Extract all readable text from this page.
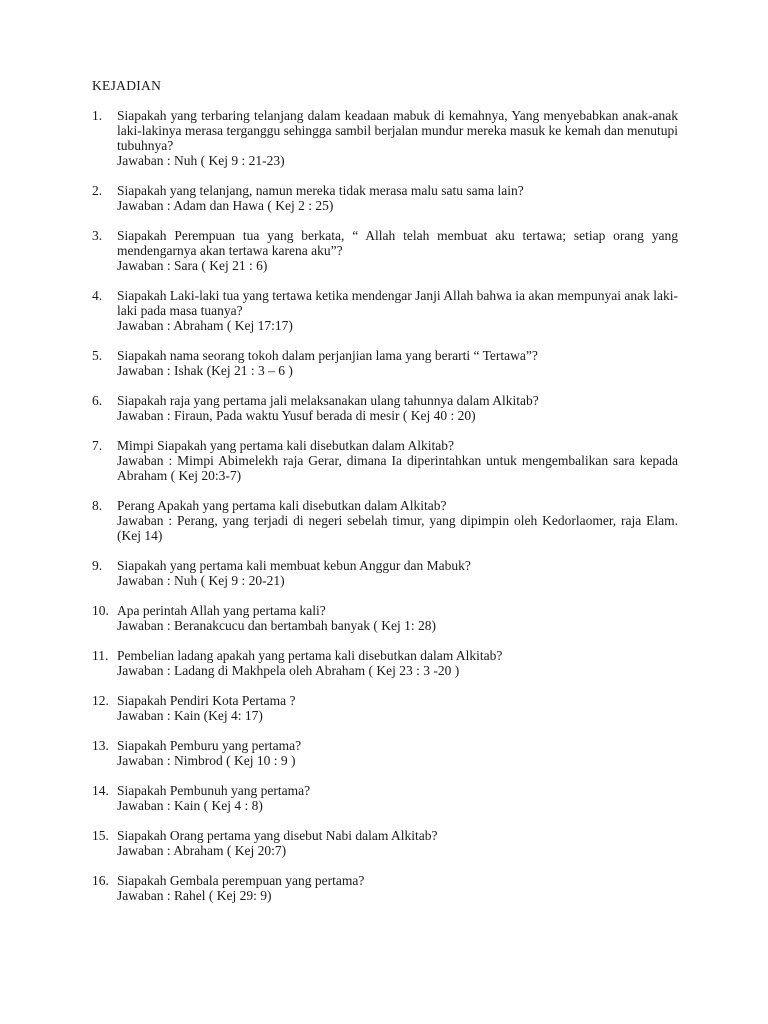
KEJADIAN
1. Siapakah yang terbaring telanjang dalam keadaan mabuk di kemahnya, Yang menyebabkan anak-anak laki-lakinya merasa terganggu sehingga sambil berjalan mundur mereka masuk ke kemah dan menutupi tubuhnya?
Jawaban : Nuh ( Kej 9 : 21-23)
2. Siapakah yang telanjang, namun mereka tidak merasa malu satu sama lain?
Jawaban : Adam dan Hawa ( Kej 2 : 25)
3. Siapakah Perempuan tua yang berkata, “ Allah telah membuat aku tertawa; setiap orang yang mendengarnya akan tertawa karena aku”?
Jawaban : Sara ( Kej 21 : 6)
4. Siapakah Laki-laki tua yang tertawa ketika mendengar Janji Allah bahwa ia akan mempunyai anak laki-laki pada masa tuanya?
Jawaban : Abraham ( Kej 17:17)
5. Siapakah nama seorang tokoh dalam perjanjian lama yang berarti “ Tertawa”?
Jawaban : Ishak (Kej 21 : 3 – 6 )
6. Siapakah raja yang pertama jali melaksanakan ulang tahunnya dalam Alkitab?
Jawaban : Firaun, Pada waktu Yusuf berada di mesir ( Kej 40 : 20)
7. Mimpi Siapakah yang pertama kali disebutkan dalam Alkitab?
Jawaban : Mimpi Abimelekh raja Gerar, dimana Ia diperintahkan untuk mengembalikan sara kepada Abraham ( Kej 20:3-7)
8. Perang Apakah yang pertama kali disebutkan dalam Alkitab?
Jawaban : Perang, yang terjadi di negeri sebelah timur, yang dipimpin oleh Kedorlaomer, raja Elam. (Kej 14)
9. Siapakah yang pertama kali membuat kebun Anggur dan Mabuk?
Jawaban : Nuh ( Kej 9 : 20-21)
10. Apa perintah Allah yang pertama kali?
Jawaban : Beranakcucu dan bertambah banyak ( Kej 1: 28)
11. Pembelian ladang apakah yang pertama kali disebutkan dalam Alkitab?
Jawaban : Ladang di Makhpela oleh Abraham ( Kej 23 : 3 -20 )
12. Siapakah Pendiri Kota Pertama ?
Jawaban : Kain (Kej 4: 17)
13. Siapakah Pemburu yang pertama?
Jawaban : Nimbrod ( Kej 10 : 9 )
14. Siapakah Pembunuh yang pertama?
Jawaban : Kain ( Kej 4 : 8)
15. Siapakah Orang pertama yang disebut Nabi dalam Alkitab?
Jawaban : Abraham ( Kej 20:7)
16. Siapakah Gembala perempuan yang pertama?
Jawaban : Rahel ( Kej 29: 9)
